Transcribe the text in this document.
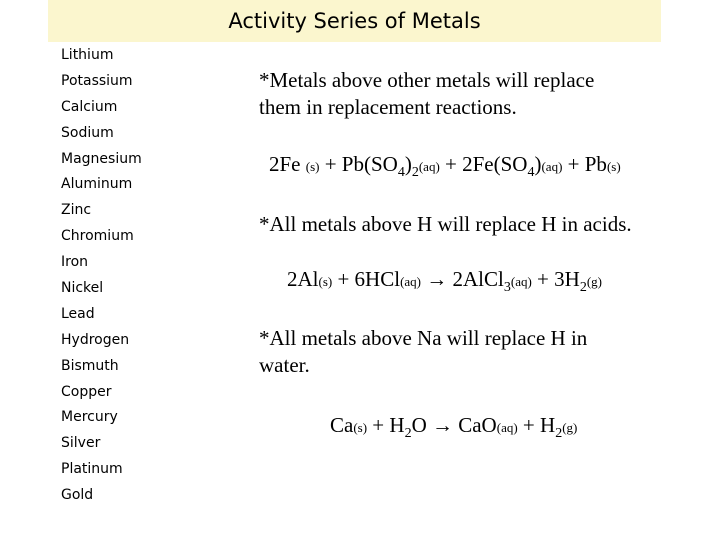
Activity Series of Metals
Lithium
Potassium
Calcium
Sodium
Magnesium
Aluminum
Zinc
Chromium
Iron
Nickel
Lead
Hydrogen
Bismuth
Copper
Mercury
Silver
Platinum
Gold
*Metals above other metals will replace
them in replacement reactions.
2Fe $(s) + Pb(SO_4)_2(aq) + 2Fe(SO_4)(aq) + Pb(s)$
*All metals above H will replace H in acids.
2Al(s) + 6HCl(aq) → 2AlCl$_3$(aq) + $3H_2(g)$
*All metals above Na will replace H in
water.
$Ca(s) + H_2O \to CaO(aq) + H_2(g)$
